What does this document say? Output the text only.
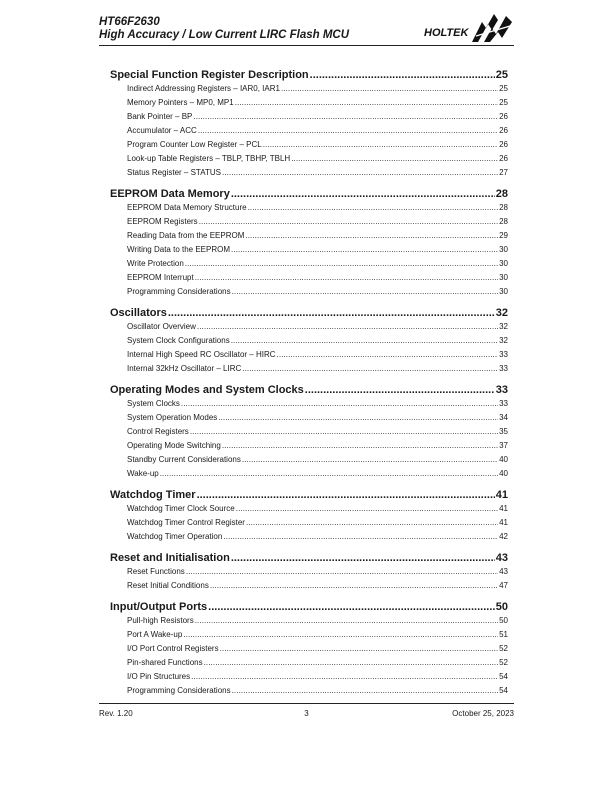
HT66F2630
High Accuracy / Low Current LIRC Flash MCU	HOLTEK
Special Function Register Description .....	25
Indirect Addressing Registers – IAR0, IAR1 .....	25
Memory Pointers – MP0, MP1 .....	25
Bank Pointer – BP .....	26
Accumulator – ACC .....	26
Program Counter Low Register – PCL .....	26
Look-up Table Registers – TBLP, TBHP, TBLH .....	26
Status Register – STATUS .....	27
EEPROM Data Memory .....	28
EEPROM Data Memory Structure .....	28
EEPROM Registers .....	28
Reading Data from the EEPROM .....	29
Writing Data to the EEPROM .....	30
Write Protection .....	30
EEPROM Interrupt .....	30
Programming Considerations .....	30
Oscillators .....	32
Oscillator Overview .....	32
System Clock Configurations .....	32
Internal High Speed RC Oscillator – HIRC .....	33
Internal 32kHz Oscillator – LIRC .....	33
Operating Modes and System Clocks .....	33
System Clocks .....	33
System Operation Modes .....	34
Control Registers .....	35
Operating Mode Switching .....	37
Standby Current Considerations .....	40
Wake-up .....	40
Watchdog Timer .....	41
Watchdog Timer Clock Source .....	41
Watchdog Timer Control Register .....	41
Watchdog Timer Operation .....	42
Reset and Initialisation .....	43
Reset Functions .....	43
Reset Initial Conditions .....	47
Input/Output Ports .....	50
Pull-high Resistors .....	50
Port A Wake-up .....	51
I/O Port Control Registers .....	52
Pin-shared Functions .....	52
I/O Pin Structures .....	54
Programming Considerations .....	54
Rev. 1.20	3	October 25, 2023
